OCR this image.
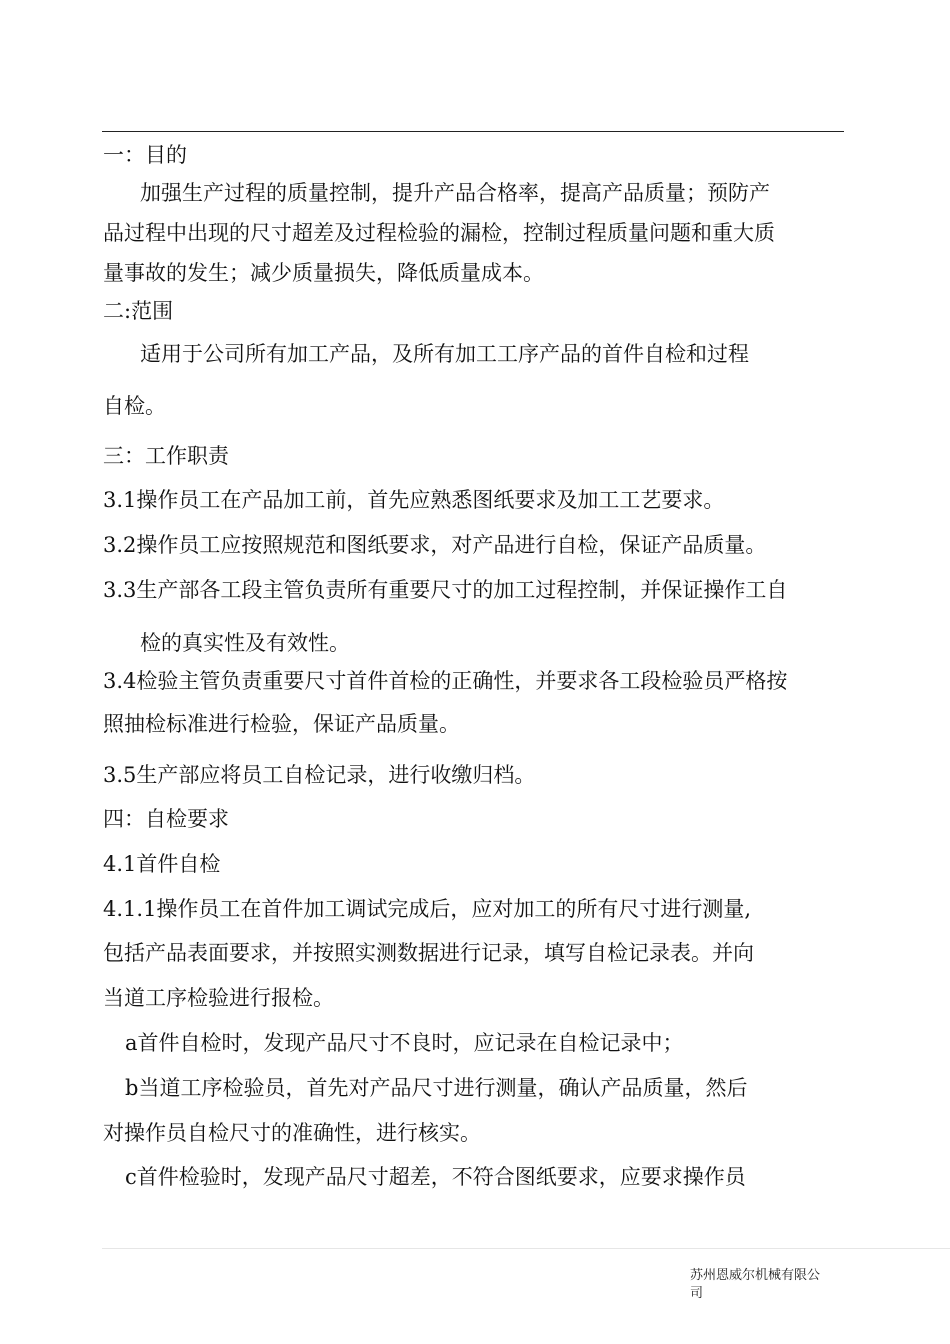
一：目的
加强生产过程的质量控制，提升产品合格率，提高产品质量；预防产
品过程中出现的尺寸超差及过程检验的漏检，控制过程质量问题和重大质
量事故的发生；减少质量损失，降低质量成本。
二:范围
适用于公司所有加工产品，及所有加工工序产品的首件自检和过程
自检。
三：工作职责
3.1操作员工在产品加工前，首先应熟悉图纸要求及加工工艺要求。
3.2操作员工应按照规范和图纸要求，对产品进行自检，保证产品质量。
3.3生产部各工段主管负责所有重要尺寸的加工过程控制，并保证操作工自
检的真实性及有效性。
3.4检验主管负责重要尺寸首件首检的正确性，并要求各工段检验员严格按
照抽检标准进行检验，保证产品质量。
3.5生产部应将员工自检记录，进行收缴归档。
四：自检要求
4.1首件自检
4.1.1操作员工在首件加工调试完成后，应对加工的所有尺寸进行测量,
包括产品表面要求，并按照实测数据进行记录，填写自检记录表。并向
当道工序检验进行报检。
a首件自检时，发现产品尺寸不良时，应记录在自检记录中；
b当道工序检验员，首先对产品尺寸进行测量，确认产品质量，然后
对操作员自检尺寸的准确性，进行核实。
c首件检验时，发现产品尺寸超差，不符合图纸要求，应要求操作员
苏州恩威尔机械有限公
司
